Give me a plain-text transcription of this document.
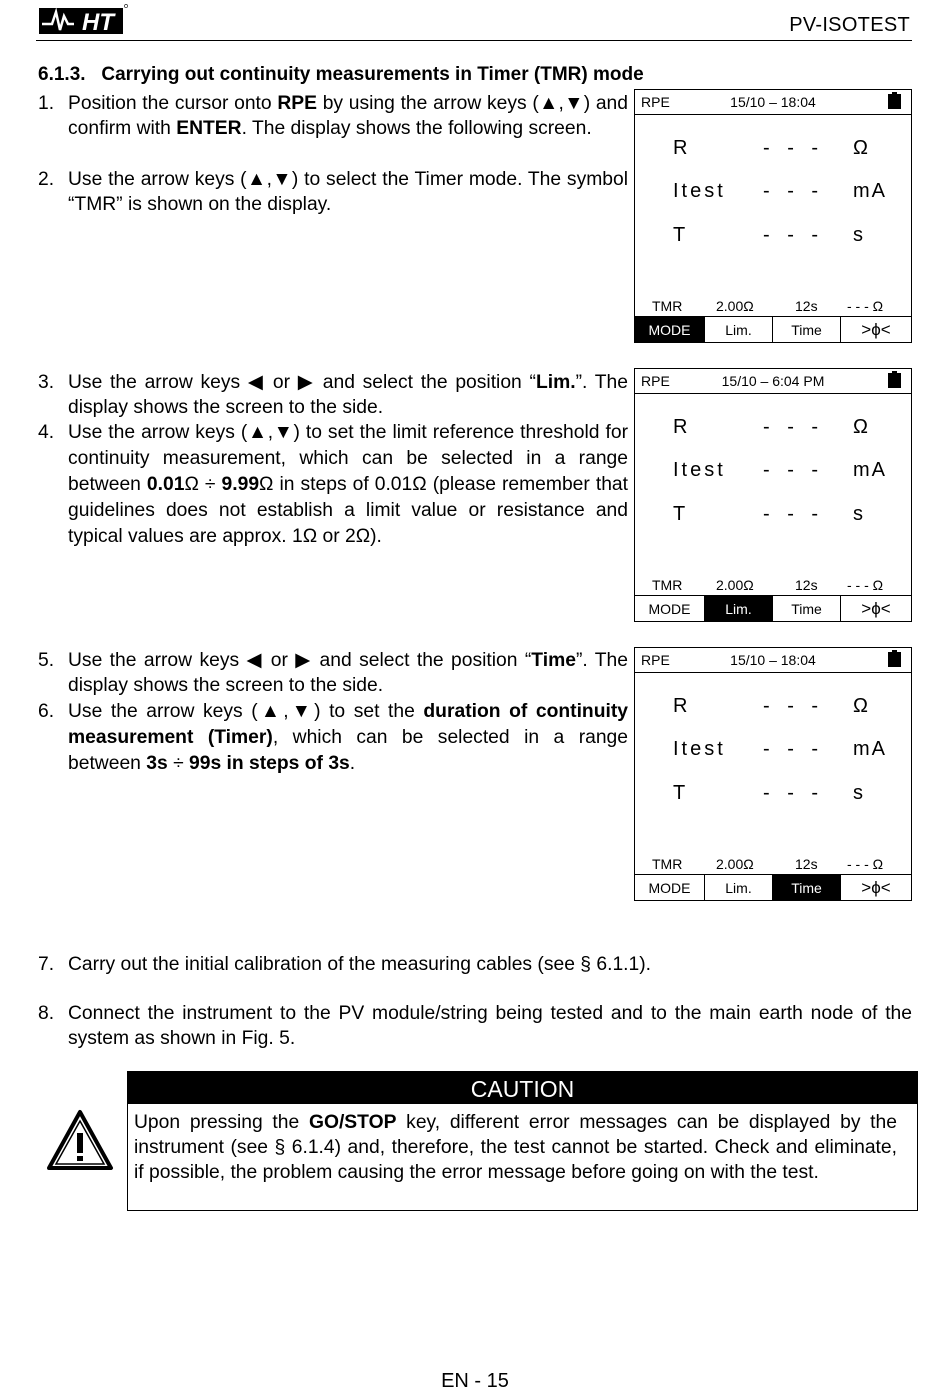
HT	PV-ISOTEST
6.1.3.   Carrying out continuity measurements in Timer (TMR) mode
1. Position the cursor onto RPE by using the arrow keys (▲,▼) and confirm with ENTER. The display shows the following screen.
2. Use the arrow keys (▲,▼) to select the Timer mode. The symbol “TMR” is shown on the display.
RPE	15/10 – 18:04
R	- - - Ω
Itest - - - mA
T	- - - s
TMR 2.00Ω	12s - - - Ω
MODE	Lim.	Time	>ϕ<
3. Use the arrow keys ◀ or ▶ and select the position “Lim.”. The display shows the screen to the side.
4. Use the arrow keys (▲,▼) to set the limit reference threshold for continuity measurement, which can be selected in a range between 0.01Ω ÷ 9.99Ω in steps of 0.01Ω (please remember that guidelines does not establish a limit value or resistance and typical values are approx. 1Ω or 2Ω).
RPE	15/10 – 6:04 PM
R	- - - Ω
Itest - - - mA
T	- - - s
TMR 2.00Ω	12s - - - Ω
MODE	Lim.	Time	>ϕ<
5. Use the arrow keys ◀ or ▶ and select the position “Time”. The display shows the screen to the side.
6. Use the arrow keys (▲,▼) to set the duration of continuity measurement (Timer), which can be selected in a range between 3s ÷ 99s in steps of 3s.
RPE	15/10 – 18:04
R	- - - Ω
Itest - - - mA
T	- - - s
TMR 2.00Ω	12s - - - Ω
MODE	Lim.	Time	>ϕ<
7. Carry out the initial calibration of the measuring cables (see § 6.1.1).
8. Connect the instrument to the PV module/string being tested and to the main earth node of the system as shown in Fig. 5.
CAUTION
Upon pressing the GO/STOP key, different error messages can be displayed by the instrument (see § 6.1.4) and, therefore, the test cannot be started. Check and eliminate, if possible, the problem causing the error message before going on with the test.
EN - 15
